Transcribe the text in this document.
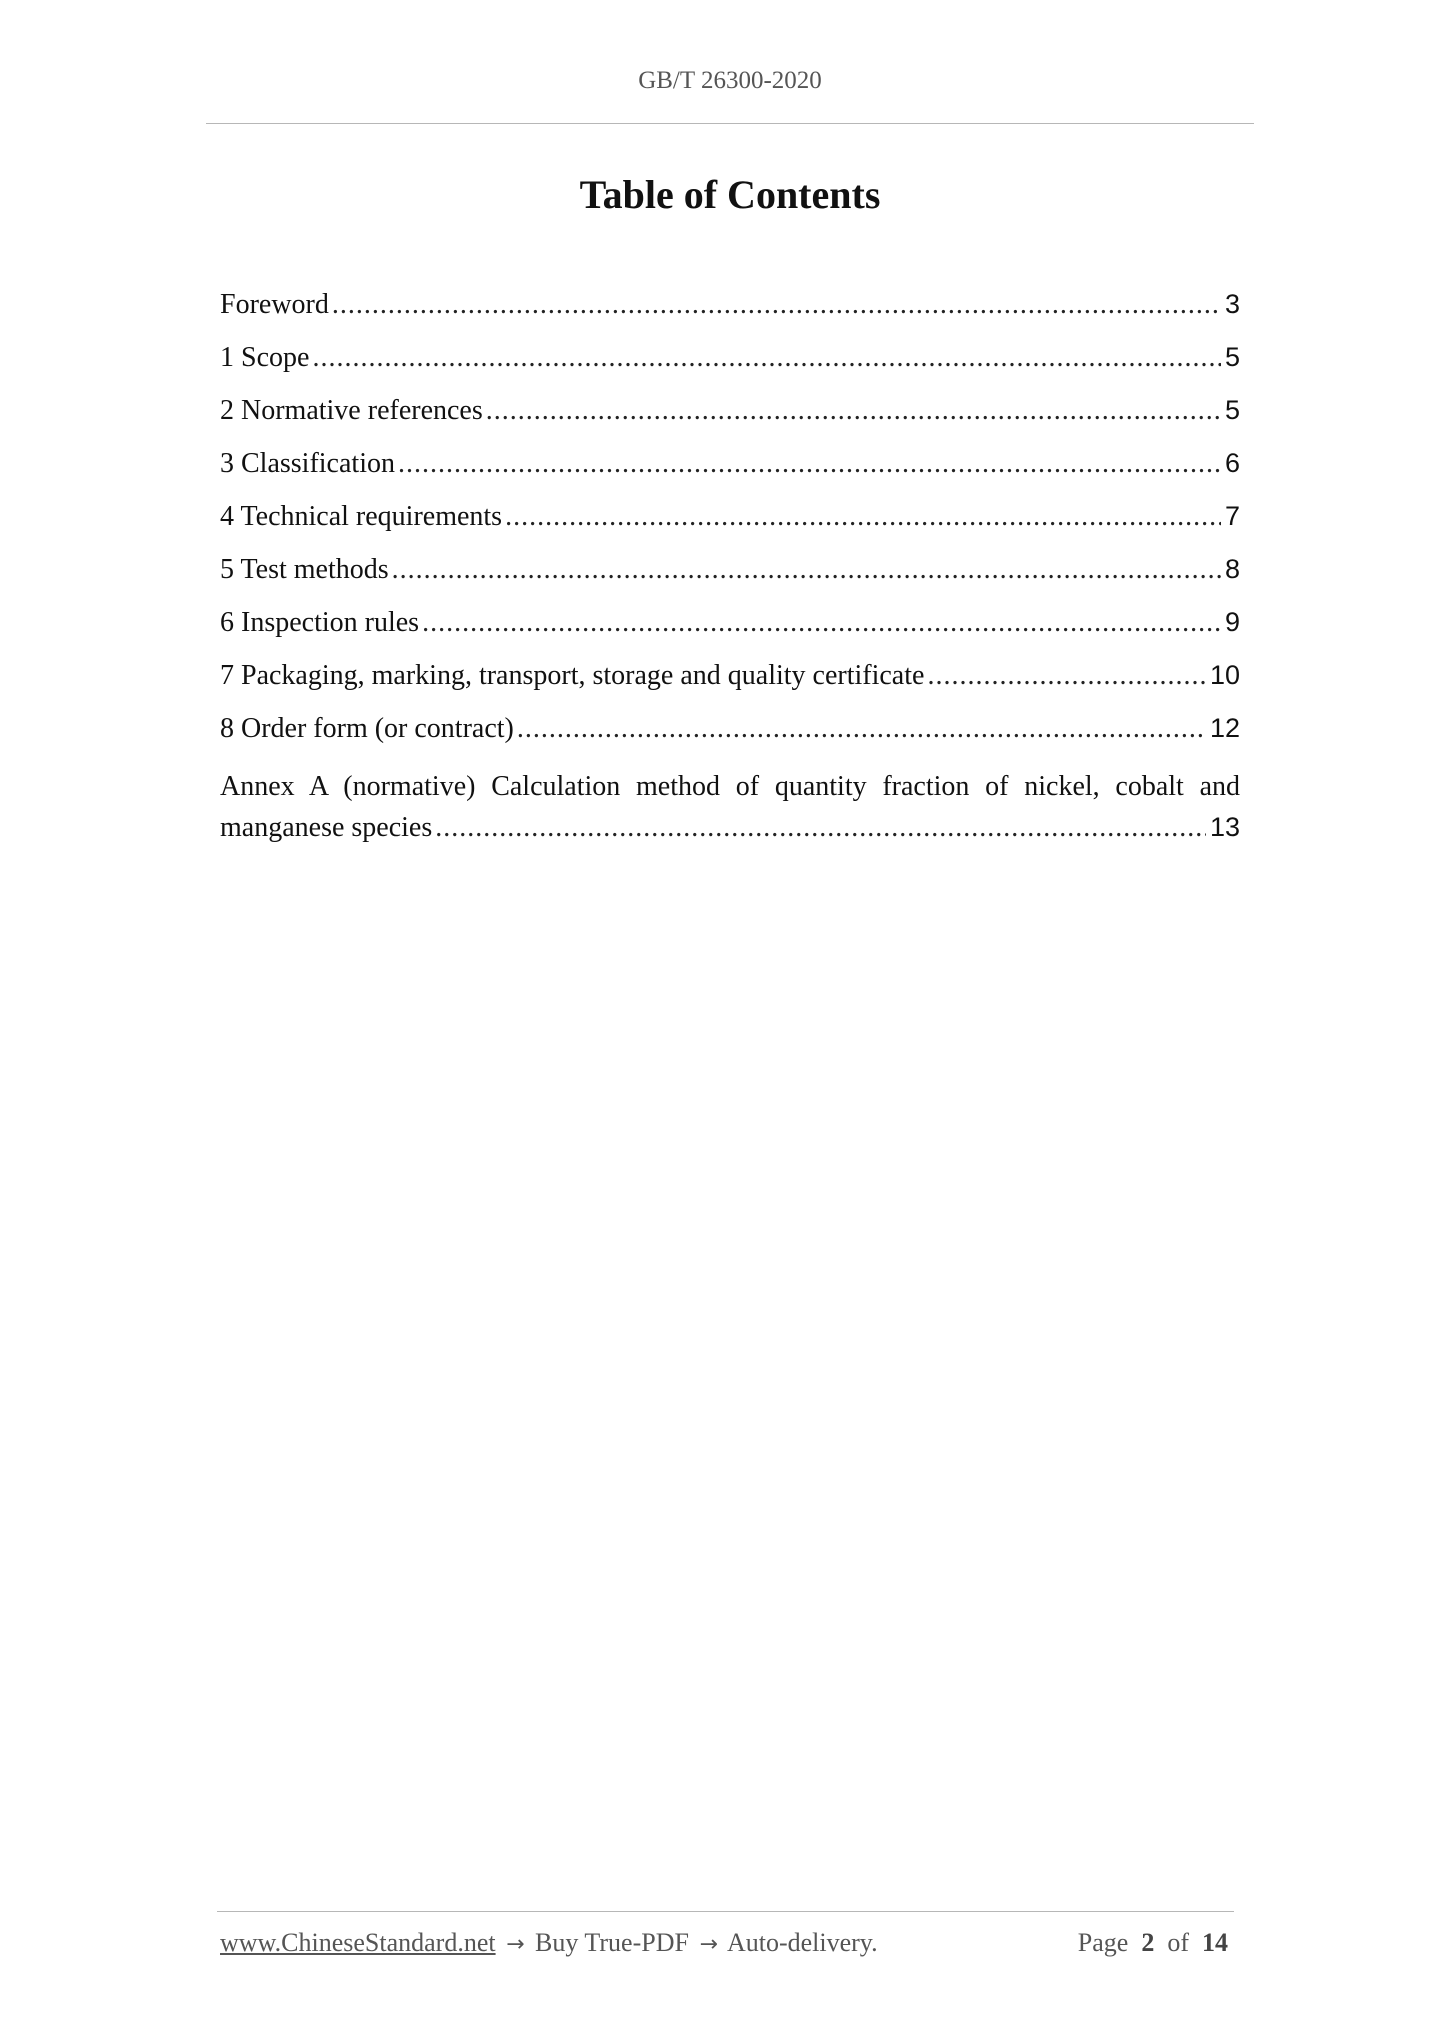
GB/T 26300-2020
Table of Contents
Foreword .....	3
1 Scope .....	5
2 Normative references .....	5
3 Classification .....	6
4 Technical requirements .....	7
5 Test methods .....	8
6 Inspection rules .....	9
7 Packaging, marking, transport, storage and quality certificate .....	10
8 Order form (or contract) .....	12
Annex A (normative) Calculation method of quantity fraction of nickel, cobalt and
manganese species .....	13
www.ChineseStandard.net → Buy True-PDF → Auto-delivery.	Page 2 of 14
